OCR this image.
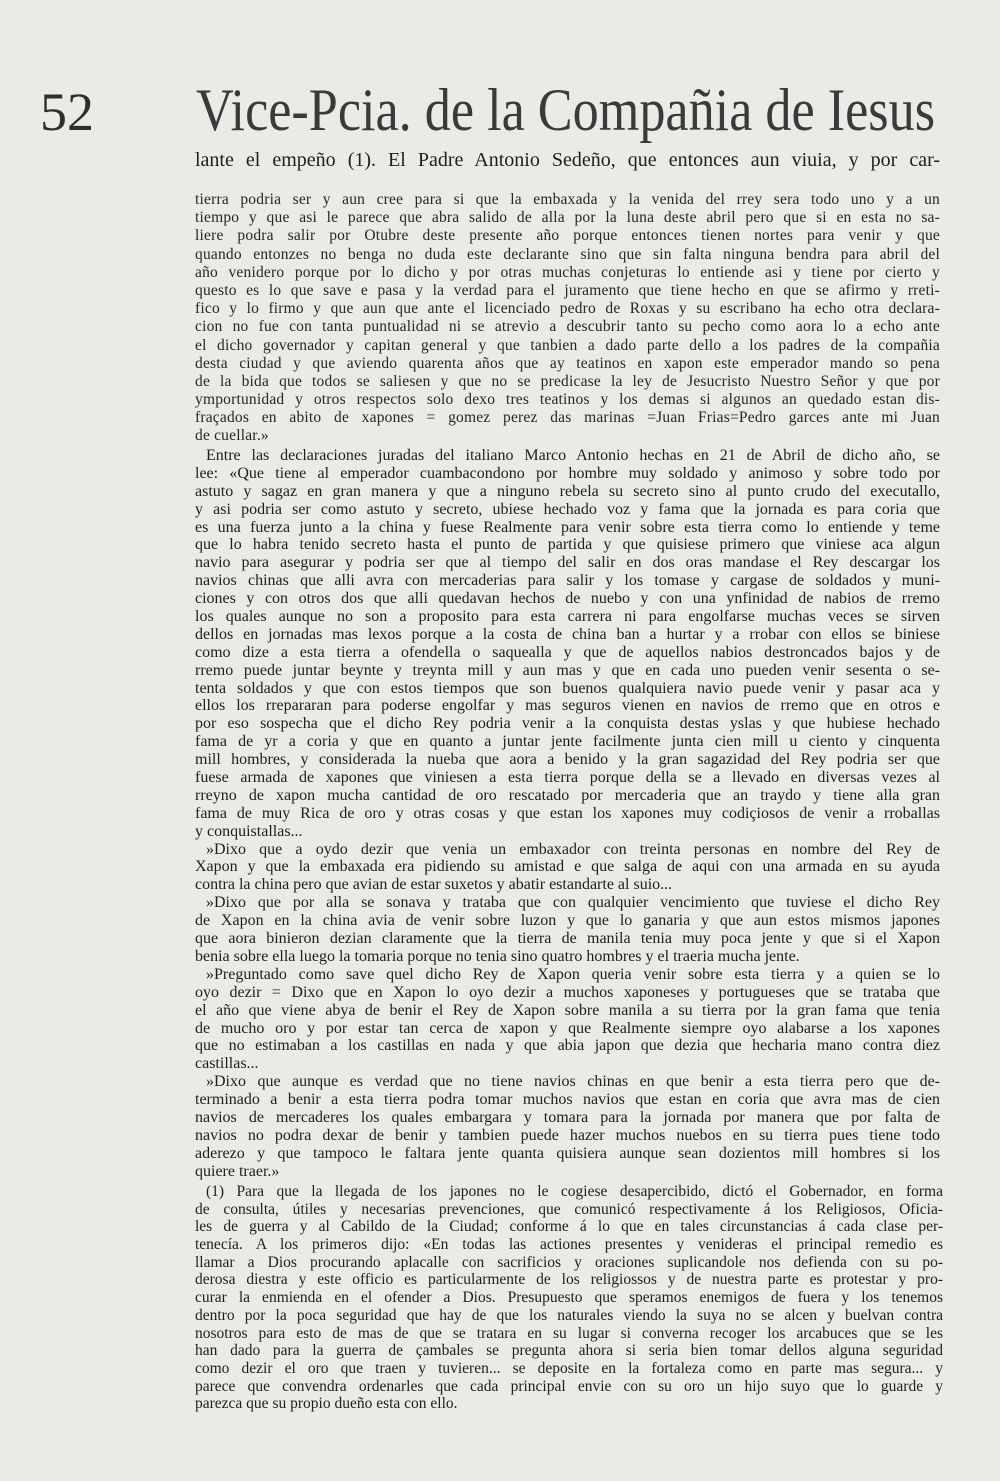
52 Vice-Pcia. de la Compañia de Iesus
lante el empeño (1). El Padre Antonio Sedeño, que entonces aun viuia, y por car-
tierra podria ser y aun cree para si que la embaxada y la venida del rrey sera todo uno y a un
tiempo y que asi le parece que abra salido de alla por la luna deste abril pero que si en esta no sa-
liere podra salir por Otubre deste presente año porque entonces tienen nortes para venir y que
quando entonzes no benga no duda este declarante sino que sin falta ninguna bendra para abril del
año venidero porque por lo dicho y por otras muchas conjeturas lo entiende asi y tiene por cierto y
questo es lo que save e pasa y la verdad para el juramento que tiene hecho en que se afirmo y rreti-
fico y lo firmo y que aun que ante el licenciado pedro de Roxas y su escribano ha echo otra declara-
cion no fue con tanta puntualidad ni se atrevio a descubrir tanto su pecho como aora lo a echo ante
el dicho governador y capitan general y que tanbien a dado parte dello a los padres de la compañia
desta ciudad y que aviendo quarenta años que ay teatinos en xapon este emperador mando so pena
de la bida que todos se saliesen y que no se predicase la ley de Jesucristo Nuestro Señor y que por
ymportunidad y otros respectos solo dexo tres teatinos y los demas si algunos an quedado estan dis-
fraçados en abito de xapones = gomez perez das marinas =Juan Frias=Pedro garces ante mi Juan
de cuellar.»
Entre las declaraciones juradas del italiano Marco Antonio hechas en 21 de Abril de dicho año, se
lee: «Que tiene al emperador cuambacondono por hombre muy soldado y animoso y sobre todo por
astuto y sagaz en gran manera y que a ninguno rebela su secreto sino al punto crudo del executallo,
y asi podria ser como astuto y secreto, ubiese hechado voz y fama que la jornada es para coria que
es una fuerza junto a la china y fuese Realmente para venir sobre esta tierra como lo entiende y teme
que lo habra tenido secreto hasta el punto de partida y que quisiese primero que viniese aca algun
navio para asegurar y podria ser que al tiempo del salir en dos oras mandase el Rey descargar los
navios chinas que alli avra con mercaderias para salir y los tomase y cargase de soldados y muni-
ciones y con otros dos que alli quedavan hechos de nuebo y con una ynfinidad de nabios de rremo
los quales aunque no son a proposito para esta carrera ni para engolfarse muchas veces se sirven
dellos en jornadas mas lexos porque a la costa de china ban a hurtar y a rrobar con ellos se biniese
como dize a esta tierra a ofendella o saquealla y que de aquellos nabios destroncados bajos y de
rremo puede juntar beynte y treynta mill y aun mas y que en cada uno pueden venir sesenta o se-
tenta soldados y que con estos tiempos que son buenos qualquiera navio puede venir y pasar aca y
ellos los rrepararan para poderse engolfar y mas seguros vienen en navios de rremo que en otros e
por eso sospecha que el dicho Rey podria venir a la conquista destas yslas y que hubiese hechado
fama de yr a coria y que en quanto a juntar jente facilmente junta cien mill u ciento y cinquenta
mill hombres, y considerada la nueba que aora a benido y la gran sagazidad del Rey podria ser que
fuese armada de xapones que viniesen a esta tierra porque della se a llevado en diversas vezes al
rreyno de xapon mucha cantidad de oro rescatado por mercaderia que an traydo y tiene alla gran
fama de muy Rica de oro y otras cosas y que estan los xapones muy codiçiosos de venir a rroballas
y conquistallas...
»Dixo que a oydo dezir que venia un embaxador con treinta personas en nombre del Rey de
Xapon y que la embaxada era pidiendo su amistad e que salga de aqui con una armada en su ayuda
contra la china pero que avian de estar suxetos y abatir estandarte al suio...
»Dixo que por alla se sonava y trataba que con qualquier vencimiento que tuviese el dicho Rey
de Xapon en la china avia de venir sobre luzon y que lo ganaria y que aun estos mismos japones
que aora binieron dezian claramente que la tierra de manila tenia muy poca jente y que si el Xapon
benia sobre ella luego la tomaria porque no tenia sino quatro hombres y el traeria mucha jente.
»Preguntado como save quel dicho Rey de Xapon queria venir sobre esta tierra y a quien se lo
oyo dezir = Dixo que en Xapon lo oyo dezir a muchos xaponeses y portugueses que se trataba que
el año que viene abya de benir el Rey de Xapon sobre manila a su tierra por la gran fama que tenia
de mucho oro y por estar tan cerca de xapon y que Realmente siempre oyo alabarse a los xapones
que no estimaban a los castillas en nada y que abia japon que dezia que hecharia mano contra diez
castillas...
»Dixo que aunque es verdad que no tiene navios chinas en que benir a esta tierra pero que de-
terminado a benir a esta tierra podra tomar muchos navios que estan en coria que avra mas de cien
navios de mercaderes los quales embargara y tomara para la jornada por manera que por falta de
navios no podra dexar de benir y tambien puede hazer muchos nuebos en su tierra pues tiene todo
aderezo y que tampoco le faltara jente quanta quisiera aunque sean dozientos mill hombres si los
quiere traer.»
(1) Para que la llegada de los japones no le cogiese desapercibido, dictó el Gobernador, en forma
de consulta, útiles y necesarias prevenciones, que comunicó respectivamente á los Religiosos, Oficia-
les de guerra y al Cabildo de la Ciudad; conforme á lo que en tales circunstancias á cada clase per-
tenecía. A los primeros dijo: «En todas las actiones presentes y venideras el principal remedio es
llamar a Dios procurando aplacalle con sacrificios y oraciones suplicandole nos defienda con su po-
derosa diestra y este officio es particularmente de los religiossos y de nuestra parte es protestar y pro-
curar la enmienda en el ofender a Dios. Presupuesto que speramos enemigos de fuera y los tenemos
dentro por la poca seguridad que hay de que los naturales viendo la suya no se alcen y buelvan contra
nosotros para esto de mas de que se tratara en su lugar si converna recoger los arcabuces que se les
han dado para la guerra de çambales se pregunta ahora si seria bien tomar dellos alguna seguridad
como dezir el oro que traen y tuvieren... se deposite en la fortaleza como en parte mas segura... y
parece que convendra ordenarles que cada principal envie con su oro un hijo suyo que lo guarde y
parezca que su propio dueño esta con ello.
